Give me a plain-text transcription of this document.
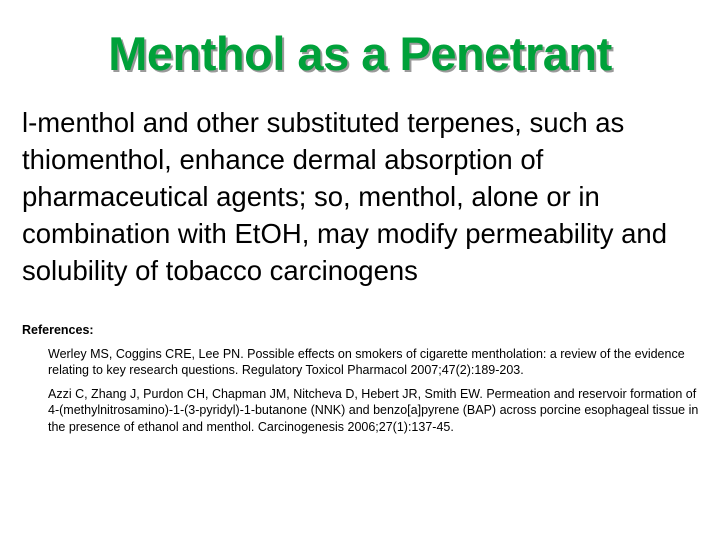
Menthol as a Penetrant
l-menthol and other substituted terpenes, such as thiomenthol, enhance dermal absorption of pharmaceutical agents; so, menthol, alone or in combination with EtOH, may modify permeability and solubility of tobacco carcinogens
References:
Werley MS, Coggins CRE, Lee PN. Possible effects on smokers of cigarette mentholation: a review of the evidence relating to key research questions. Regulatory Toxicol Pharmacol 2007;47(2):189-203.
Azzi C, Zhang J, Purdon CH, Chapman JM, Nitcheva D, Hebert JR, Smith EW. Permeation and reservoir formation of 4-(methylnitrosamino)-1-(3-pyridyl)-1-butanone (NNK) and benzo[a]pyrene (BAP) across porcine esophageal tissue in the presence of ethanol and menthol. Carcinogenesis 2006;27(1):137-45.
